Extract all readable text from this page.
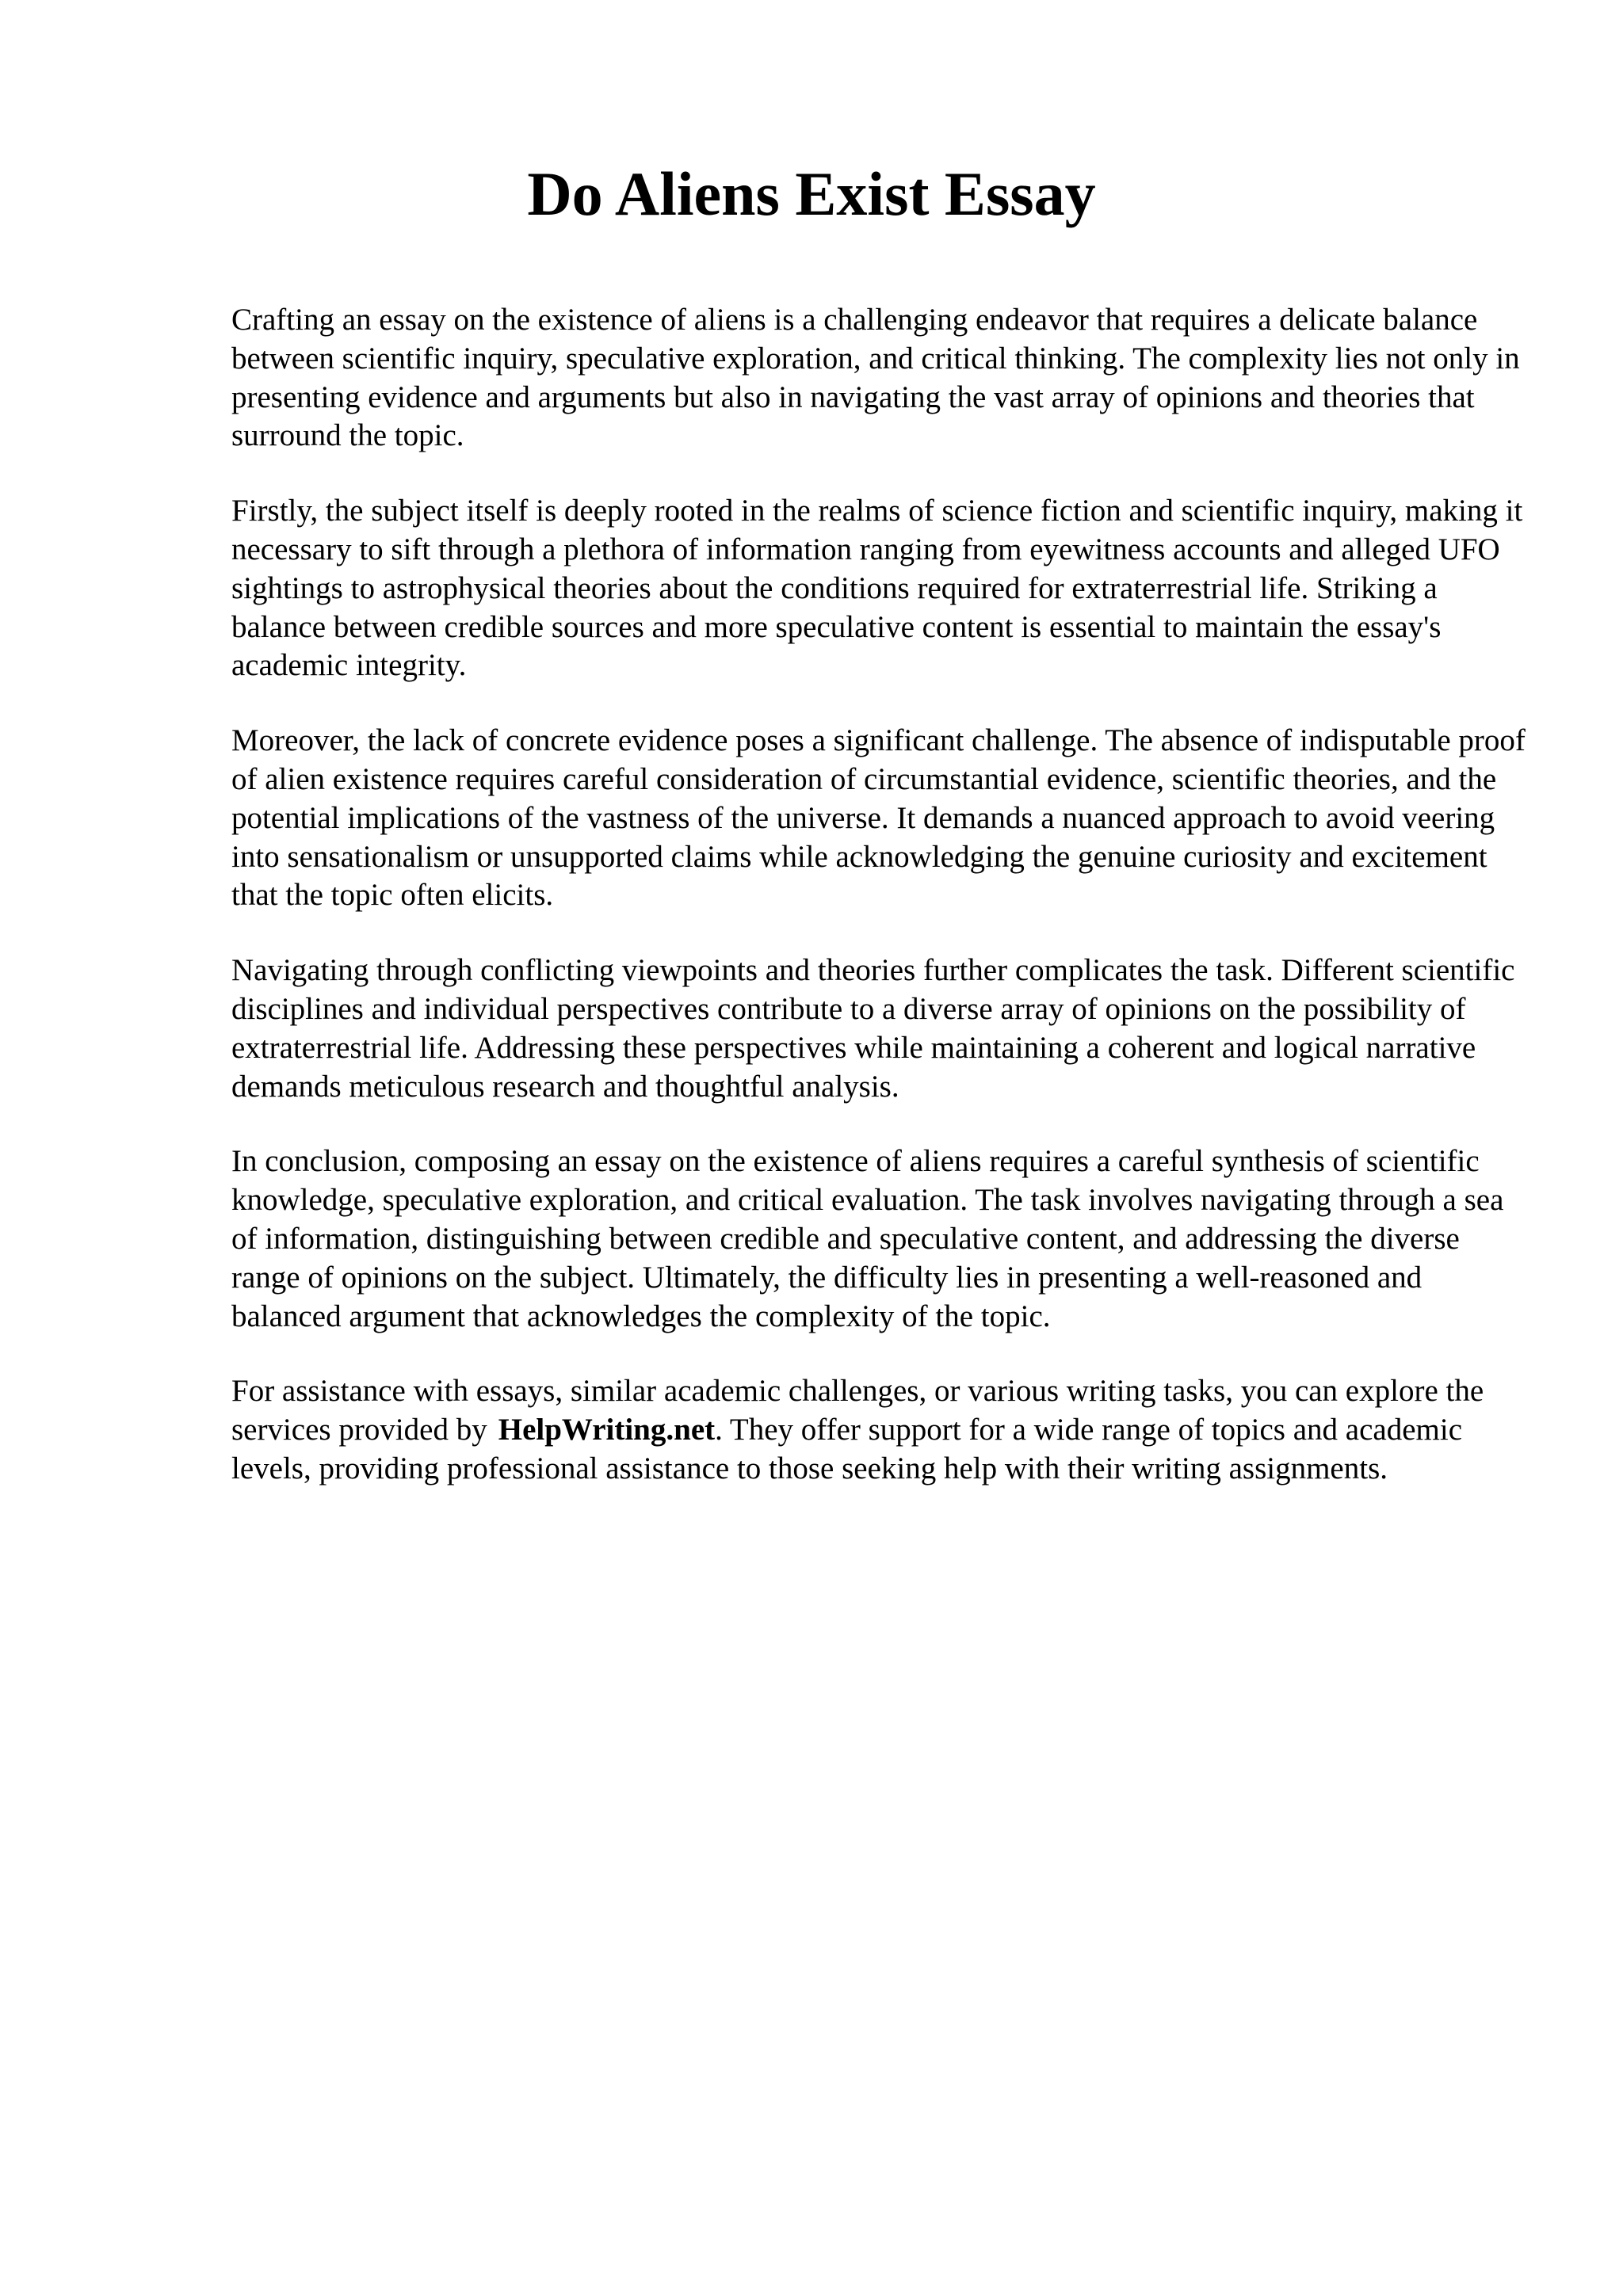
Do Aliens Exist Essay

Crafting an essay on the existence of aliens is a challenging endeavor that requires a delicate balance between scientific inquiry, speculative exploration, and critical thinking. The complexity lies not only in presenting evidence and arguments but also in navigating the vast array of opinions and theories that surround the topic.

Firstly, the subject itself is deeply rooted in the realms of science fiction and scientific inquiry, making it necessary to sift through a plethora of information ranging from eyewitness accounts and alleged UFO sightings to astrophysical theories about the conditions required for extraterrestrial life. Striking a balance between credible sources and more speculative content is essential to maintain the essay's academic integrity.

Moreover, the lack of concrete evidence poses a significant challenge. The absence of indisputable proof of alien existence requires careful consideration of circumstantial evidence, scientific theories, and the potential implications of the vastness of the universe. It demands a nuanced approach to avoid veering into sensationalism or unsupported claims while acknowledging the genuine curiosity and excitement that the topic often elicits.

Navigating through conflicting viewpoints and theories further complicates the task. Different scientific disciplines and individual perspectives contribute to a diverse array of opinions on the possibility of extraterrestrial life. Addressing these perspectives while maintaining a coherent and logical narrative demands meticulous research and thoughtful analysis.

In conclusion, composing an essay on the existence of aliens requires a careful synthesis of scientific knowledge, speculative exploration, and critical evaluation. The task involves navigating through a sea of information, distinguishing between credible and speculative content, and addressing the diverse range of opinions on the subject. Ultimately, the difficulty lies in presenting a well-reasoned and balanced argument that acknowledges the complexity of the topic.

For assistance with essays, similar academic challenges, or various writing tasks, you can explore the services provided by HelpWriting.net. They offer support for a wide range of topics and academic levels, providing professional assistance to those seeking help with their writing assignments.
